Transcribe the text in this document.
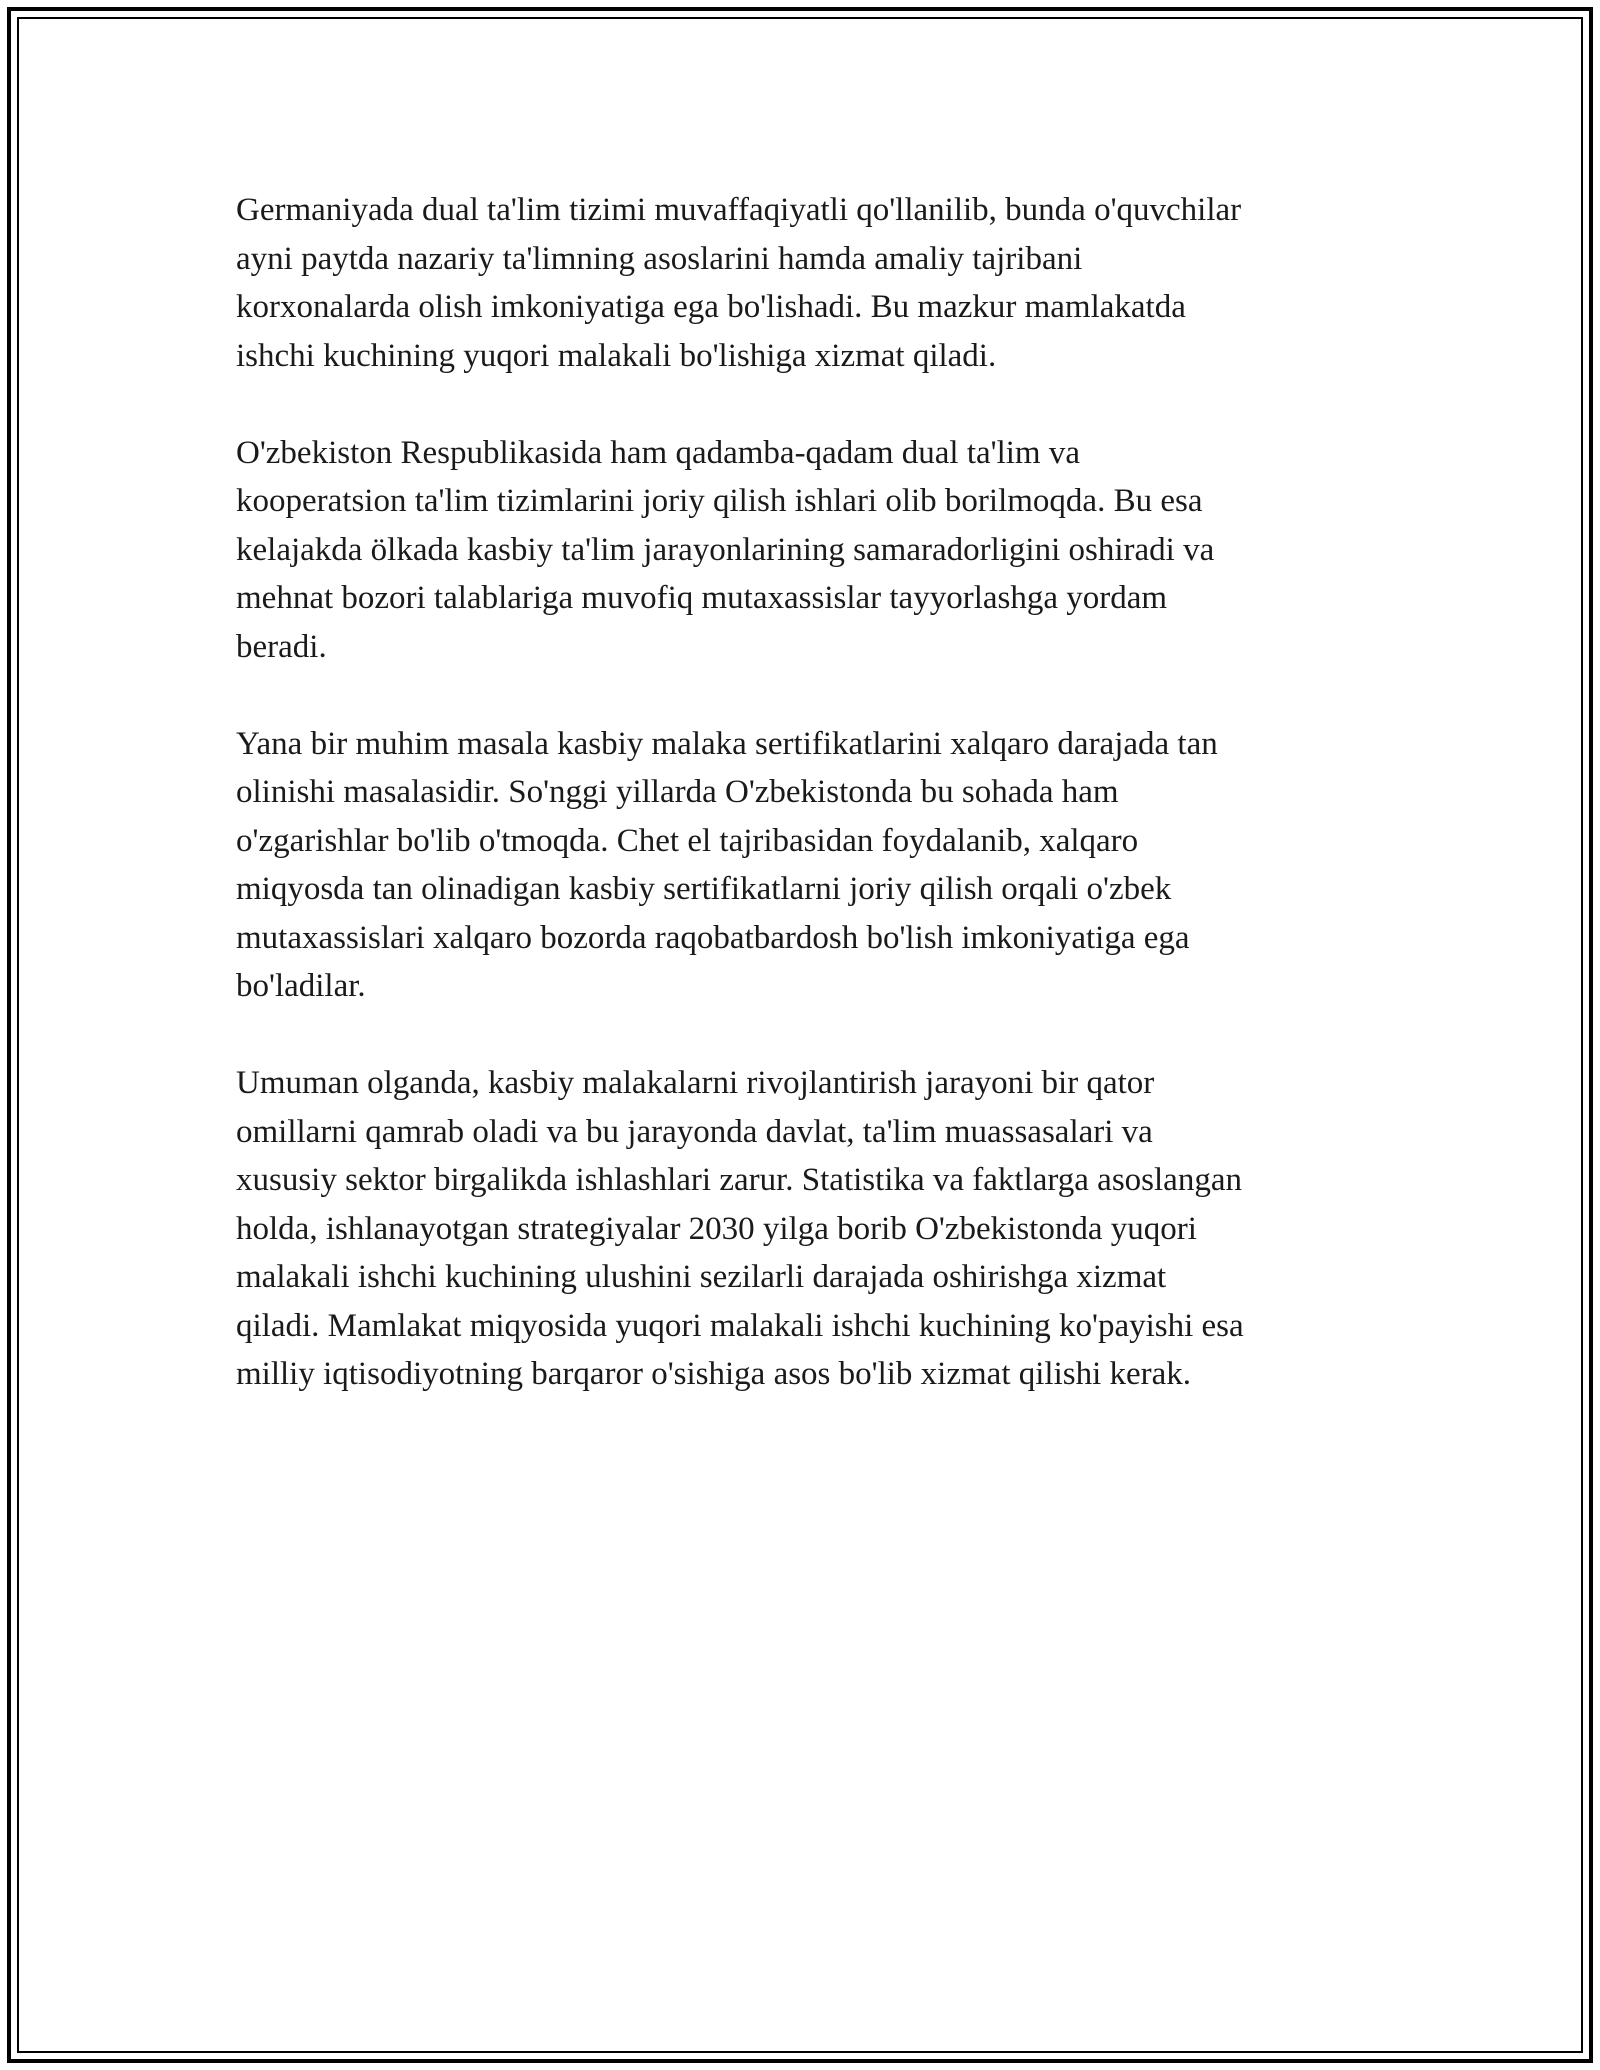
Germaniyada dual ta'lim tizimi muvaffaqiyatli qo'llanilib, bunda o'quvchilar
ayni paytda nazariy ta'limning asoslarini hamda amaliy tajribani
korxonalarda olish imkoniyatiga ega bo'lishadi. Bu mazkur mamlakatda
ishchi kuchining yuqori malakali bo'lishiga xizmat qiladi.

O'zbekiston Respublikasida ham qadamba-qadam dual ta'lim va
kooperatsion ta'lim tizimlarini joriy qilish ishlari olib borilmoqda. Bu esa
kelajakda ölkada kasbiy ta'lim jarayonlarining samaradorligini oshiradi va
mehnat bozori talablariga muvofiq mutaxassislar tayyorlashga yordam
beradi.

Yana bir muhim masala kasbiy malaka sertifikatlarini xalqaro darajada tan
olinishi masalasidir. So'nggi yillarda O'zbekistonda bu sohada ham
o'zgarishlar bo'lib o'tmoqda. Chet el tajribasidan foydalanib, xalqaro
miqyosda tan olinadigan kasbiy sertifikatlarni joriy qilish orqali o'zbek
mutaxassislari xalqaro bozorda raqobatbardosh bo'lish imkoniyatiga ega
bo'ladilar.

Umuman olganda, kasbiy malakalarni rivojlantirish jarayoni bir qator
omillarni qamrab oladi va bu jarayonda davlat, ta'lim muassasalari va
xususiy sektor birgalikda ishlashlari zarur. Statistika va faktlarga asoslangan
holda, ishlanayotgan strategiyalar 2030 yilga borib O'zbekistonda yuqori
malakali ishchi kuchining ulushini sezilarli darajada oshirishga xizmat
qiladi. Mamlakat miqyosida yuqori malakali ishchi kuchining ko'payishi esa
milliy iqtisodiyotning barqaror o'sishiga asos bo'lib xizmat qilishi kerak.
